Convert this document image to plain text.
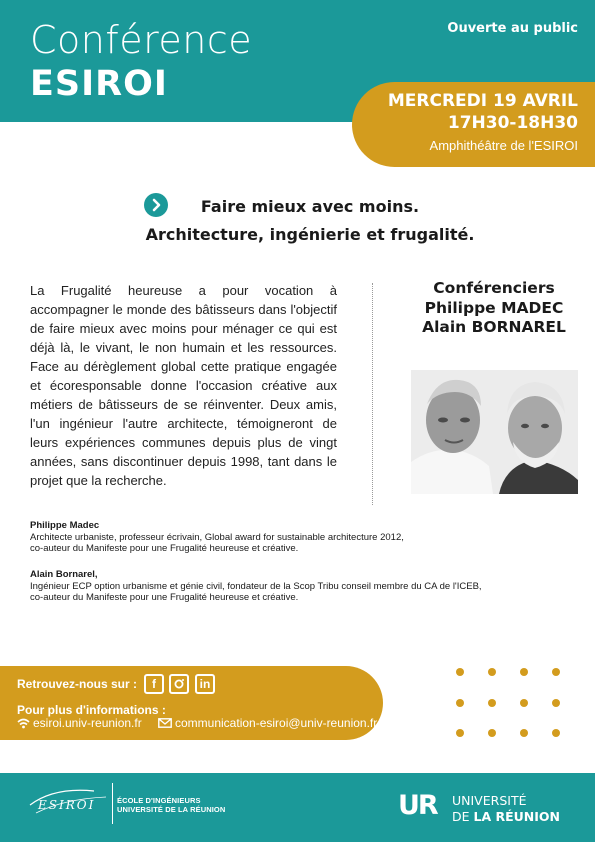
Conférence
ESIROI
Ouverte au public
MERCREDI 19 AVRIL
17H30-18H30
Amphithéâtre de l'ESIROI
Faire mieux avec moins.
Architecture, ingénierie et frugalité.
La Frugalité heureuse a pour vocation à accompagner le monde des bâtisseurs dans l'objectif de faire mieux avec moins pour ménager ce qui est déjà là, le vivant, le non humain et les ressources. Face au dérèglement global cette pratique engagée et écoresponsable donne l'occasion créative aux métiers de bâtisseurs de se réinventer. Deux amis, l'un ingénieur l'autre architecte, témoigneront de leurs expériences communes depuis plus de vingt années, sans discontinuer depuis 1998, tant dans le projet que la recherche.
Conférenciers
Philippe MADEC
Alain BORNAREL
Philippe Madec
Architecte urbaniste, professeur écrivain, Global award for sustainable architecture 2012,
co-auteur du Manifeste pour une Frugalité heureuse et créative.
Alain Bornarel,
Ingénieur ECP option urbanisme et génie civil, fondateur de la Scop Tribu conseil membre du CA de l'ICEB,
co-auteur du Manifeste pour une Frugalité heureuse et créative.
Retrouvez-nous sur :	f	in
Pour plus d'informations :
esiroi.univ-reunion.fr	communication-esiroi@univ-reunion.fr
ESIROI	ÉCOLE D'INGÉNIEURS
UNIVERSITÉ DE LA RÉUNION	UR UNIVERSITÉ
DE LA RÉUNION
